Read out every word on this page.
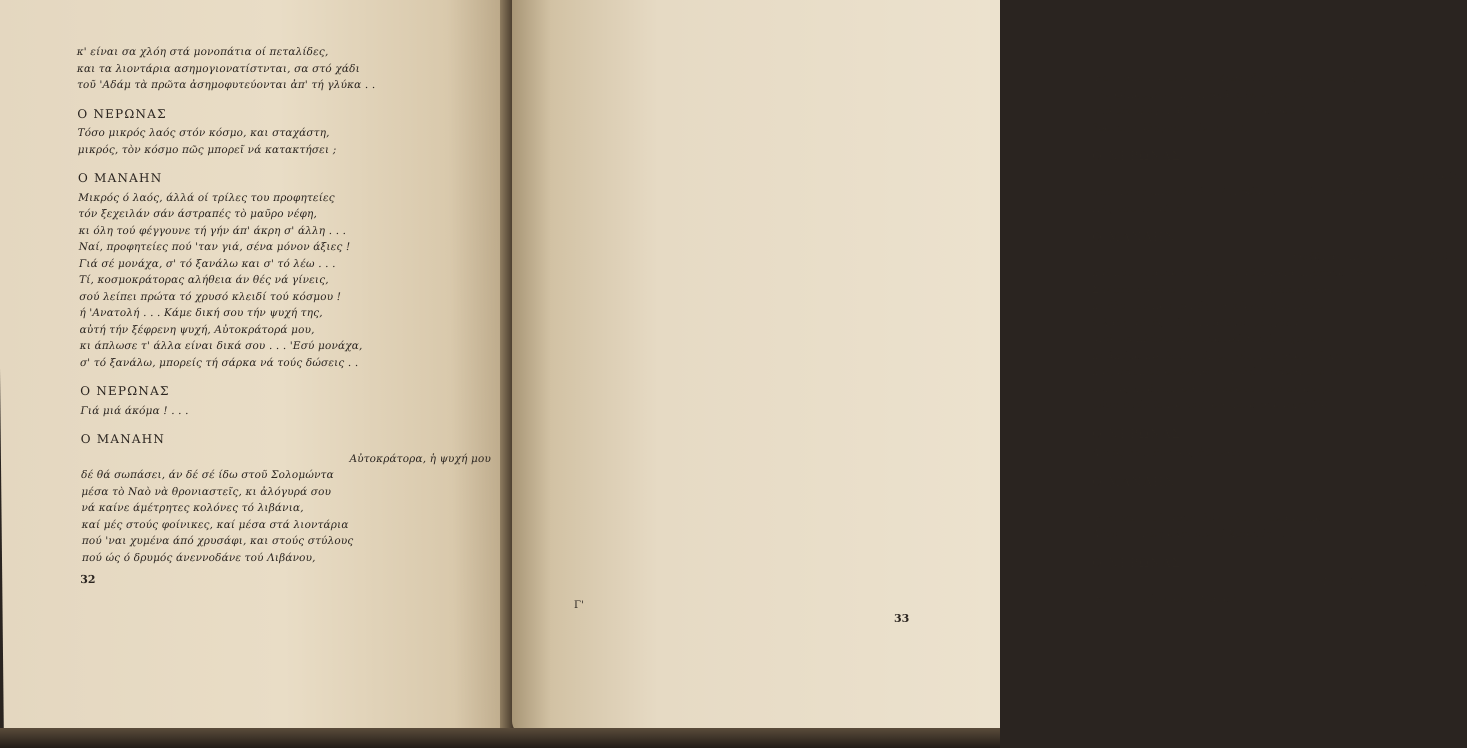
κ' είναι σα χλόη στά μονοπάτια οί πεταλίδες,
και τα λιοντάρια ασημογιονατίστνται, σα στό χάδι
τοῦ 'Αδάμ τὰ πρῶτα ἀσημοφυτεύονται ἀπ' τή γλύκα . .
Ο ΝΕΡΩΝΑΣ
Τόσο μικρός λαός στόν κόσμο, και σταχάστη,
μικρός, τὸν κόσμο πῶς μπορεῖ νά κατακτήσει ;
Ο ΜΑΝΑΗΝ
Μικρός ό λαός, άλλά οί τρίλες του προφητείες
τόν ξεχειλάν σάν άστραπές τὸ μαῦρο νέφη,
κι όλη τού φέγγουνε τή γήν άπ' άκρη σ' άλλη . . .
Ναί, προφητείες πού 'ταν γιά, σένα μόνον άξιες !
Γιά σέ μονάχα, σ' τό ξανάλω και σ' τό λέω . . .
Τί, κοσμοκράτορας αλήθεια άν θές νά γίνεις,
σού λείπει πρώτα τό χρυσό κλειδί τού κόσμου !
ή 'Ανατολή . . . Κάμε δική σου τήν ψυχή της,
αὐτή τήν ξέφρενη ψυχή, Αὐτοκράτορά μου,
κι άπλωσε τ' άλλα είναι δικά σου . . . 'Εσύ μονάχα,
σ' τό ξανάλω, μπορείς τή σάρκα νά τούς δώσεις . .
Ο ΝΕΡΩΝΑΣ
Γιά μιά άκόμα ! . . .
Ο ΜΑΝΑΗΝ
Αὐτοκράτορα, ἡ ψυχή μου
δέ θά σωπάσει, άν δέ σέ ίδω στοῦ Σολομώντα
μέσα τὸ Ναὸ νὰ θρονιαστεῖς, κι ἀλόγυρά σου
νά καίνε άμέτρητες κολόνες τό λιβάνια,
καί μές στούς φοίνικες, καί μέσα στά λιοντάρια
πού 'ναι χυμένα άπό χρυσάφι, και στούς στύλους
πού ώς ό δρυμός άνεννοδάνε τού Λιβάνου,
32
'Εσύ, άπό πάνω άπ' τό Χερουβί, νά διαφεντεύεις
τήν Οίκουμένη, κι άποκάτωθε νά βόγκει
στό δοξολόγημα δώ' ή γή, και νά σού βγάνει
βροντήν άλόγυρη τόν αίνο !,
Ο ΝΕΡΩΝΑΣ
Καί σέ τοῦτο
σάν ποιός μπορεῖ νά μ' ἐμποδίσει ; Ποιόν φοβᾶσαι
Πές μου το αὐτό . . .
Ο ΜΑΝΑΗΝ
Φοβᾶμαι ἐκεῖνον πού δέ βλέπω,
καί πού γι αὐτό τὸν βλέπω ἀδιάκοπα μπροστά μου.'
Σκέψου το λίγο . . . 'Εκεί πού ξημέρωσε σάν ήλιος,
κι όλο τόν κόσμο πάς νά φέξεις άπό πάνω,
ό λαός αύτός νά συμμαζέψει γρήγορα
άπό 'να πλάνο, πού σταυρώθη τόσα χρόνια
κι άκόμα κρύβεται, όπως λές, μές στούς δικούς της
καί, σάμπως σύγνεφο κ' άπλώνει άνάμεσό του
μεμιάς κι άνάμεσα τού κόσμου, νά σέ ανίγει
μέσα στόν ΐσκιο του, σά μέσα στό σκοτάδι . . .
Ο ΝΕΡΩΝΑΣ
Αὐτός λοιπόν τούς ὁδηγάει ;
Ο ΜΑΝΑΗΝ
Καί ποιός τό ξέρει
'Ενα ψωμί είμαστε, λέν, όλοι κ' ένα σώμα . . .
Λένε . . . πώς όλοι είν' ό Χριστός . . .
Ο ΝΕΡΩΝΑΣ
Μά, αὐτός . . . ποιός εἶναι ;
'Εσύ . . . τόν είδες, Μαναήν ;
Γ'
33
